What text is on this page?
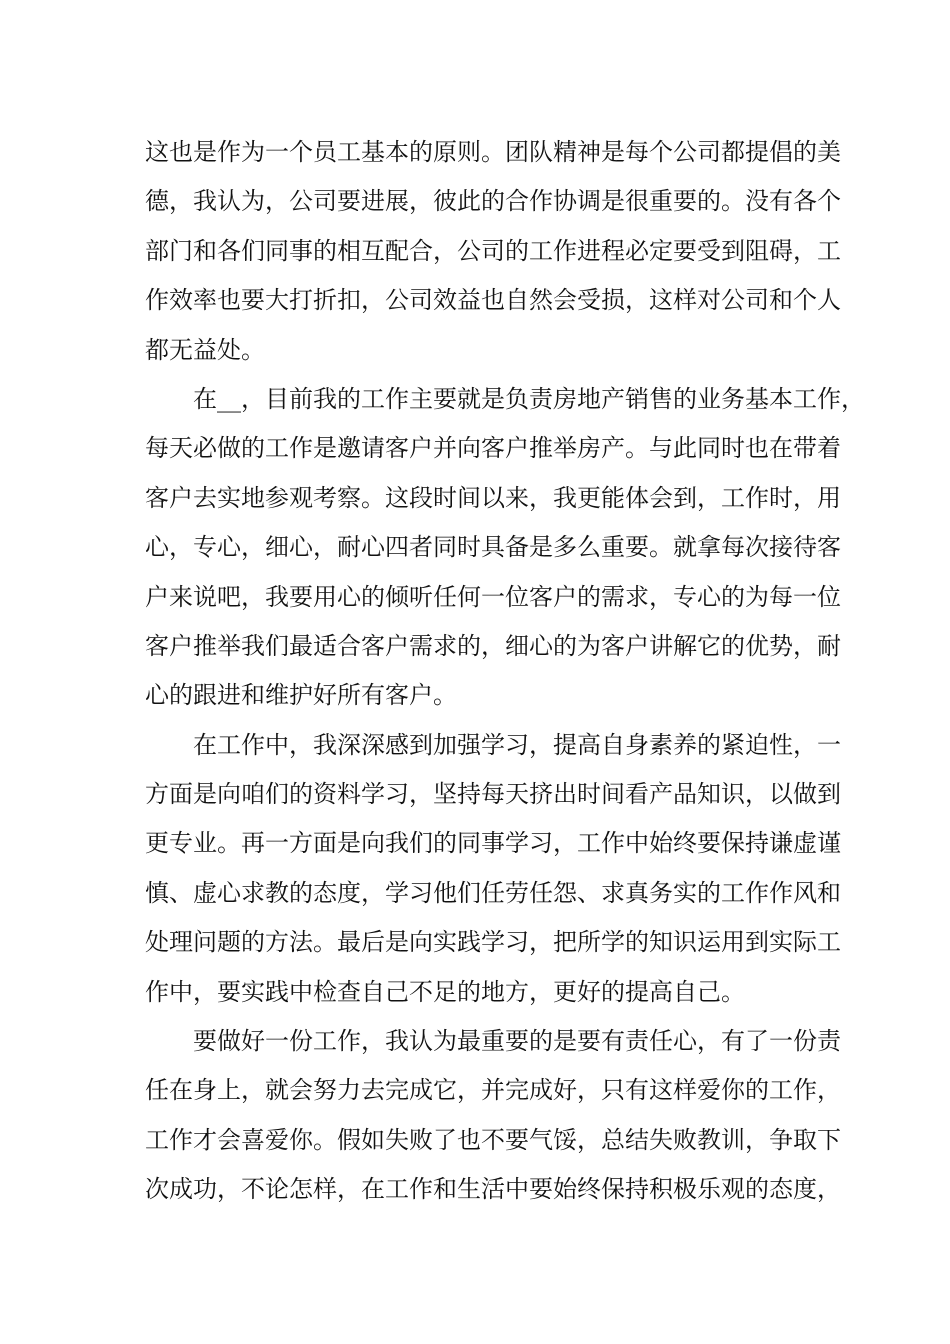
这也是作为一个员工基本的原则。团队精神是每个公司都提倡的美
德，我认为，公司要进展，彼此的合作协调是很重要的。没有各个
部门和各们同事的相互配合，公司的工作进程必定要受到阻碍，工
作效率也要大打折扣，公司效益也自然会受损，这样对公司和个人
都无益处。
在__，目前我的工作主要就是负责房地产销售的业务基本工作，
每天必做的工作是邀请客户并向客户推举房产。与此同时也在带着
客户去实地参观考察。这段时间以来，我更能体会到，工作时，用
心，专心，细心，耐心四者同时具备是多么重要。就拿每次接待客
户来说吧，我要用心的倾听任何一位客户的需求，专心的为每一位
客户推举我们最适合客户需求的，细心的为客户讲解它的优势，耐
心的跟进和维护好所有客户。
在工作中，我深深感到加强学习，提高自身素养的紧迫性，一
方面是向咱们的资料学习，坚持每天挤出时间看产品知识，以做到
更专业。再一方面是向我们的同事学习，工作中始终要保持谦虚谨
慎、虚心求教的态度，学习他们任劳任怨、求真务实的工作作风和
处理问题的方法。最后是向实践学习，把所学的知识运用到实际工
作中，要实践中检查自己不足的地方，更好的提高自己。
要做好一份工作，我认为最重要的是要有责任心，有了一份责
任在身上，就会努力去完成它，并完成好，只有这样爱你的工作，
工作才会喜爱你。假如失败了也不要气馁，总结失败教训，争取下
次成功，不论怎样，在工作和生活中要始终保持积极乐观的态度，
